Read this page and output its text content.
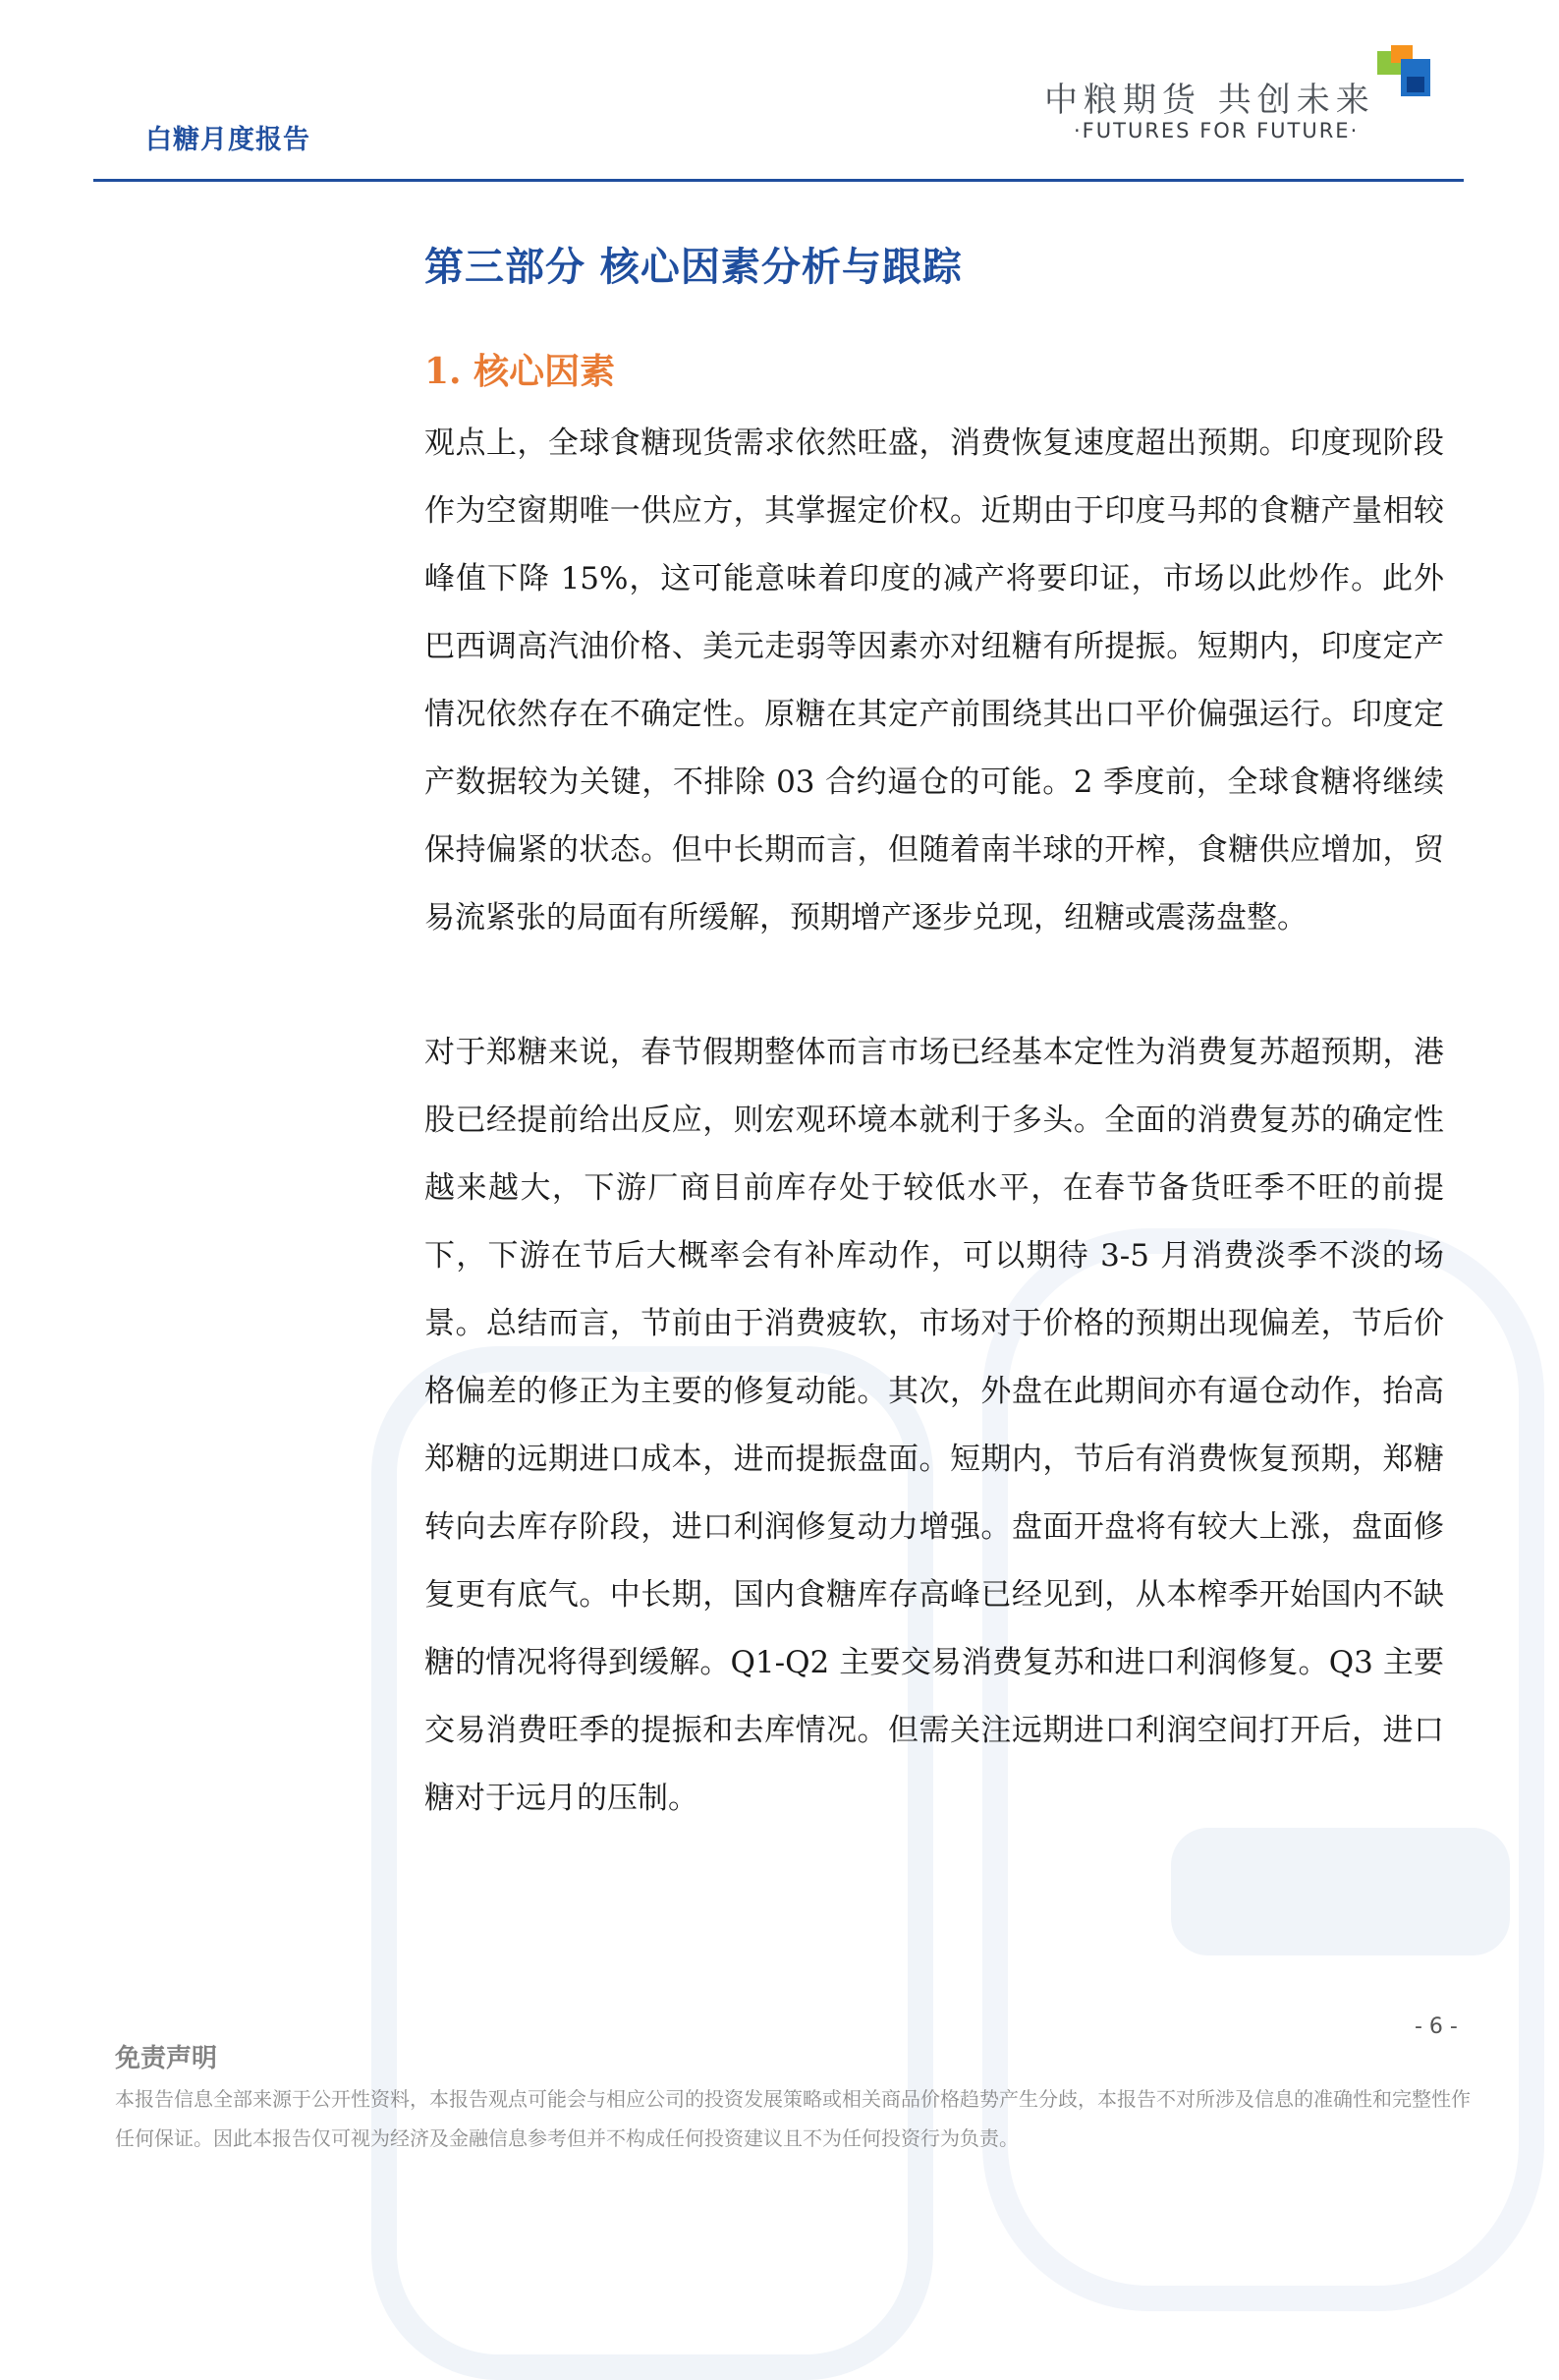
白糖月度报告
中粮期货 共创未来
·FUTURES FOR FUTURE·
第三部分 核心因素分析与跟踪
1. 核心因素
观点上，全球食糖现货需求依然旺盛，消费恢复速度超出预期。印度现阶段作为空窗期唯一供应方，其掌握定价权。近期由于印度马邦的食糖产量相较峰值下降 15%，这可能意味着印度的减产将要印证，市场以此炒作。此外巴西调高汽油价格、美元走弱等因素亦对纽糖有所提振。短期内，印度定产情况依然存在不确定性。原糖在其定产前围绕其出口平价偏强运行。印度定产数据较为关键，不排除 03 合约逼仓的可能。2 季度前，全球食糖将继续保持偏紧的状态。但中长期而言，但随着南半球的开榨，食糖供应增加，贸易流紧张的局面有所缓解，预期增产逐步兑现，纽糖或震荡盘整。
对于郑糖来说，春节假期整体而言市场已经基本定性为消费复苏超预期，港股已经提前给出反应，则宏观环境本就利于多头。全面的消费复苏的确定性越来越大，下游厂商目前库存处于较低水平，在春节备货旺季不旺的前提下，下游在节后大概率会有补库动作，可以期待 3-5 月消费淡季不淡的场景。总结而言，节前由于消费疲软，市场对于价格的预期出现偏差，节后价格偏差的修正为主要的修复动能。其次，外盘在此期间亦有逼仓动作，抬高郑糖的远期进口成本，进而提振盘面。短期内，节后有消费恢复预期，郑糖转向去库存阶段，进口利润修复动力增强。盘面开盘将有较大上涨，盘面修复更有底气。中长期，国内食糖库存高峰已经见到，从本榨季开始国内不缺糖的情况将得到缓解。Q1-Q2 主要交易消费复苏和进口利润修复。Q3 主要交易消费旺季的提振和去库情况。但需关注远期进口利润空间打开后，进口糖对于远月的压制。
- 6 -
免责声明
本报告信息全部来源于公开性资料，本报告观点可能会与相应公司的投资发展策略或相关商品价格趋势产生分歧，本报告不对所涉及信息的准确性和完整性作任何保证。因此本报告仅可视为经济及金融信息参考但并不构成任何投资建议且不为任何投资行为负责。
